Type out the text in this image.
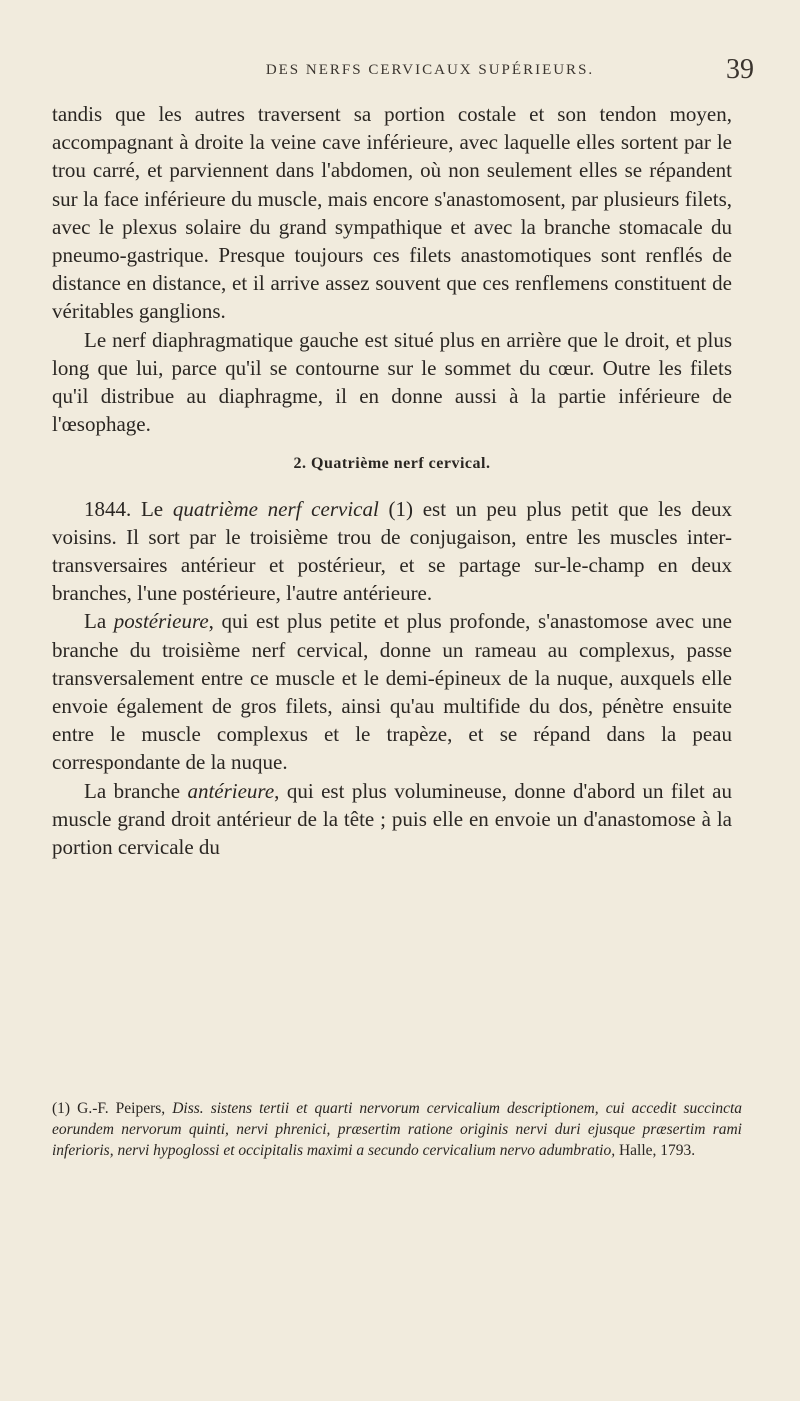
DES NERFS CERVICAUX SUPÉRIEURS.	39

tandis que les autres traversent sa portion costale et son tendon moyen, accompagnant à droite la veine cave inférieure, avec laquelle elles sortent par le trou carré, et parviennent dans l'abdomen, où non seulement elles se répandent sur la face inférieure du muscle, mais encore s'anastomosent, par plusieurs filets, avec le plexus solaire du grand sympathique et avec la branche stomacale du pneumo-gastrique. Presque toujours ces filets anastomotiques sont renflés de distance en distance, et il arrive assez souvent que ces renflemens constituent de véritables ganglions.

Le nerf diaphragmatique gauche est situé plus en arrière que le droit, et plus long que lui, parce qu'il se contourne sur le sommet du cœur. Outre les filets qu'il distribue au diaphragme, il en donne aussi à la partie inférieure de l'œsophage.

2. Quatrième nerf cervical.

1844. Le quatrième nerf cervical (1) est un peu plus petit que les deux voisins. Il sort par le troisième trou de conjugaison, entre les muscles inter-transversaires antérieur et postérieur, et se partage sur-le-champ en deux branches, l'une postérieure, l'autre antérieure.

La postérieure, qui est plus petite et plus profonde, s'anastomose avec une branche du troisième nerf cervical, donne un rameau au complexus, passe transversalement entre ce muscle et le demi-épineux de la nuque, auxquels elle envoie également de gros filets, ainsi qu'au multifide du dos, pénètre ensuite entre le muscle complexus et le trapèze, et se répand dans la peau correspondante de la nuque.

La branche antérieure, qui est plus volumineuse, donne d'abord un filet au muscle grand droit antérieur de la tête ; puis elle en envoie un d'anastomose à la portion cervicale du

(1) G.-F. Peipers, Diss. sistens tertii et quarti nervorum cervicalium descriptionem, cui accedit succincta eorundem nervorum quinti, nervi phrenici, præsertim ratione originis nervi duri ejusque præsertim rami inferioris, nervi hypoglossi et occipitalis maximi a secundo cervicalium nervo adumbratio, Halle, 1793.
